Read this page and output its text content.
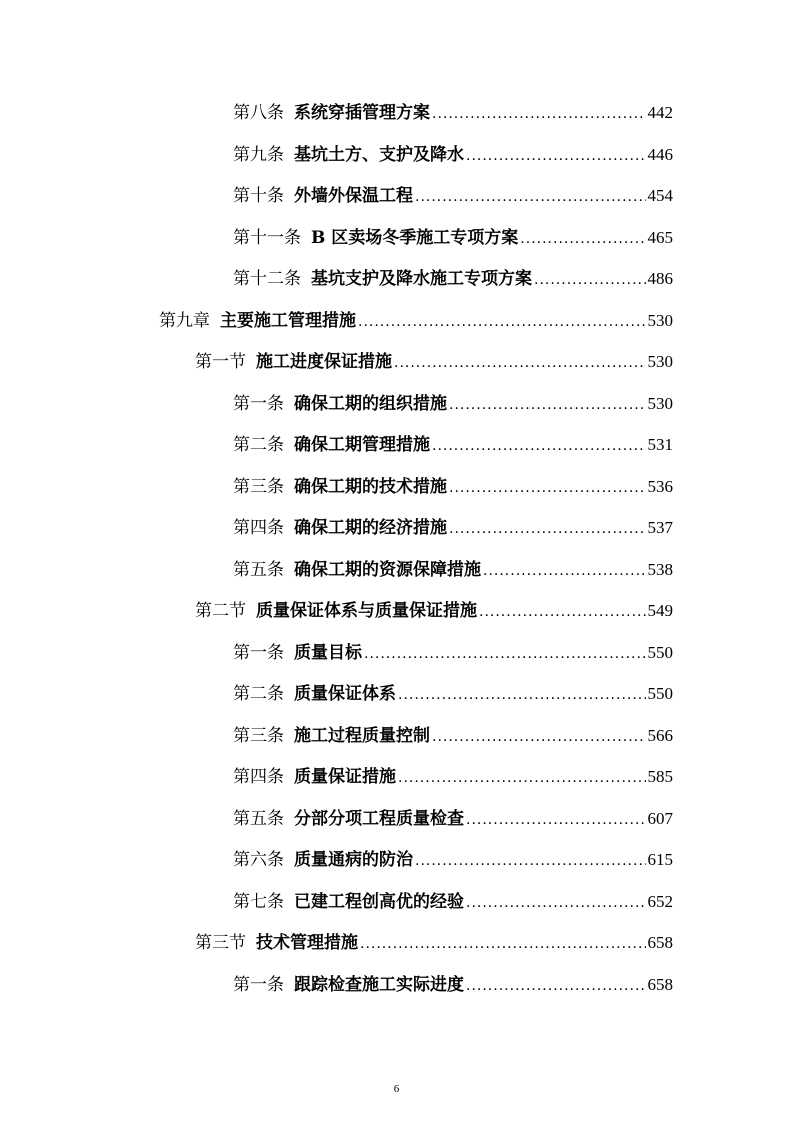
第八条 系统穿插管理方案 .....	442
第九条 基坑土方、支护及降水 .....	446
第十条 外墙外保温工程 .....	454
第十一条 B 区卖场冬季施工专项方案 .....	465
第十二条 基坑支护及降水施工专项方案 .....	486
第九章 主要施工管理措施 .....	530
第一节 施工进度保证措施 .....	530
第一条 确保工期的组织措施 .....	530
第二条 确保工期管理措施 .....	531
第三条 确保工期的技术措施 .....	536
第四条 确保工期的经济措施 .....	537
第五条 确保工期的资源保障措施 .....	538
第二节 质量保证体系与质量保证措施 .....	549
第一条 质量目标 .....	550
第二条 质量保证体系 .....	550
第三条 施工过程质量控制 .....	566
第四条 质量保证措施 .....	585
第五条 分部分项工程质量检查 .....	607
第六条 质量通病的防治 .....	615
第七条 已建工程创高优的经验 .....	652
第三节 技术管理措施 .....	658
第一条 跟踪检查施工实际进度 .....	658
6
